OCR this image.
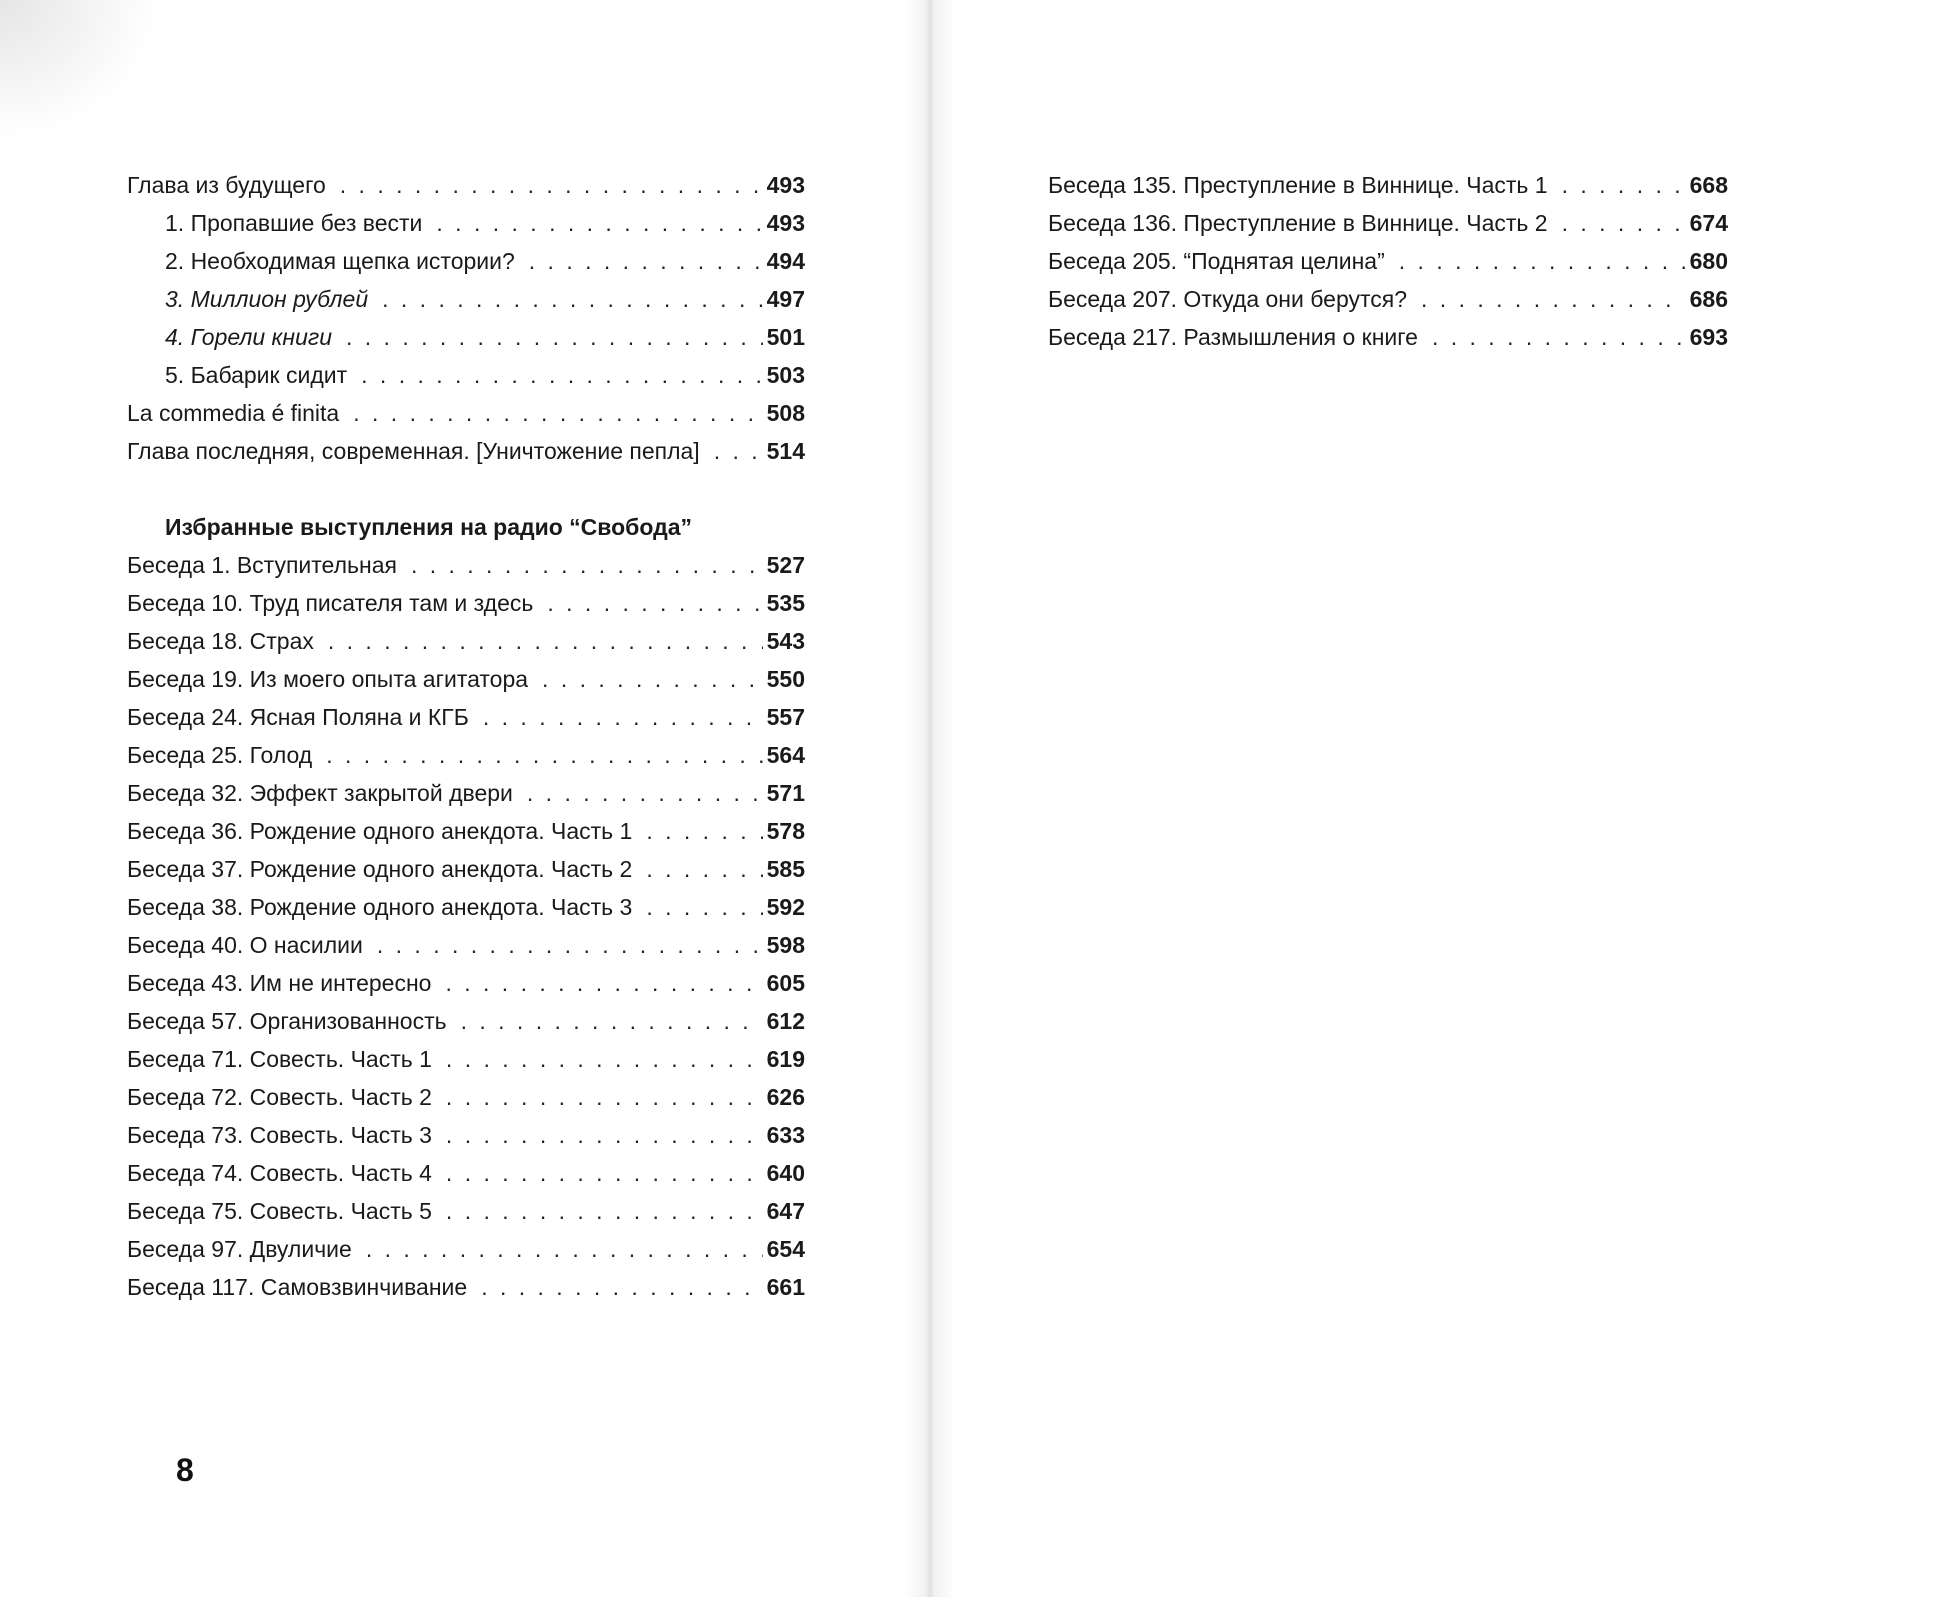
Глава из будущего . . .	493
1. Пропавшие без вести . . .	493
2. Необходимая щепка истории? . . .	494
3. Миллион рублей . . .	497
4. Горели книги . . .	501
5. Бабарик сидит . . .	503
La commedia é finita . . .	508
Глава последняя, современная. [Уничтожение пепла] . . .	514
Избранные выступления на радио “Свобода”
Беседа 1. Вступительная . . .	527
Беседа 10. Труд писателя там и здесь . . .	535
Беседа 18. Страх . . .	543
Беседа 19. Из моего опыта агитатора . . .	550
Беседа 24. Ясная Поляна и КГБ . . .	557
Беседа 25. Голод . . .	564
Беседа 32. Эффект закрытой двери . . .	571
Беседа 36. Рождение одного анекдота. Часть 1 . . .	578
Беседа 37. Рождение одного анекдота. Часть 2 . . .	585
Беседа 38. Рождение одного анекдота. Часть 3 . . .	592
Беседа 40. О насилии . . .	598
Беседа 43. Им не интересно . . .	605
Беседа 57. Организованность . . .	612
Беседа 71. Совесть. Часть 1 . . .	619
Беседа 72. Совесть. Часть 2 . . .	626
Беседа 73. Совесть. Часть 3 . . .	633
Беседа 74. Совесть. Часть 4 . . .	640
Беседа 75. Совесть. Часть 5 . . .	647
Беседа 97. Двуличие . . .	654
Беседа 117. Самовзвинчивание . . .	661
8
Беседа 135. Преступление в Виннице. Часть 1 . . .	668
Беседа 136. Преступление в Виннице. Часть 2 . . .	674
Беседа 205. “Поднятая целина” . . .	680
Беседа 207. Откуда они берутся? . . .	686
Беседа 217. Размышления о книге . . .	693
